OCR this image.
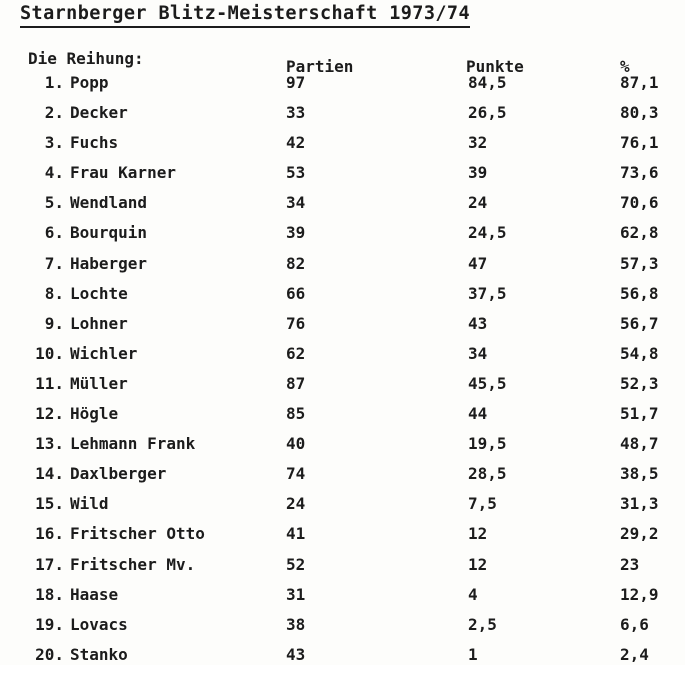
Starnberger Blitz-Meisterschaft 1973/74
Die Reihung:	Partien	Punkte	%
1. Popp	97	84,5	87,1
2. Decker	33	26,5	80,3
3. Fuchs	42	32	76,1
4. Frau Karner	53	39	73,6
5. Wendland	34	24	70,6
6. Bourquin	39	24,5	62,8
7. Haberger	82	47	57,3
8. Lochte	66	37,5	56,8
9. Lohner	76	43	56,7
10. Wichler	62	34	54,8
11. Müller	87	45,5	52,3
12. Högle	85	44	51,7
13. Lehmann Frank	40	19,5	48,7
14. Daxlberger	74	28,5	38,5
15. Wild	24	7,5	31,3
16. Fritscher Otto	41	12	29,2
17. Fritscher Mv.	52	12	23
18. Haase	31	4	12,9
19. Lovacs	38	2,5	6,6
20. Stanko	43	1	2,4
